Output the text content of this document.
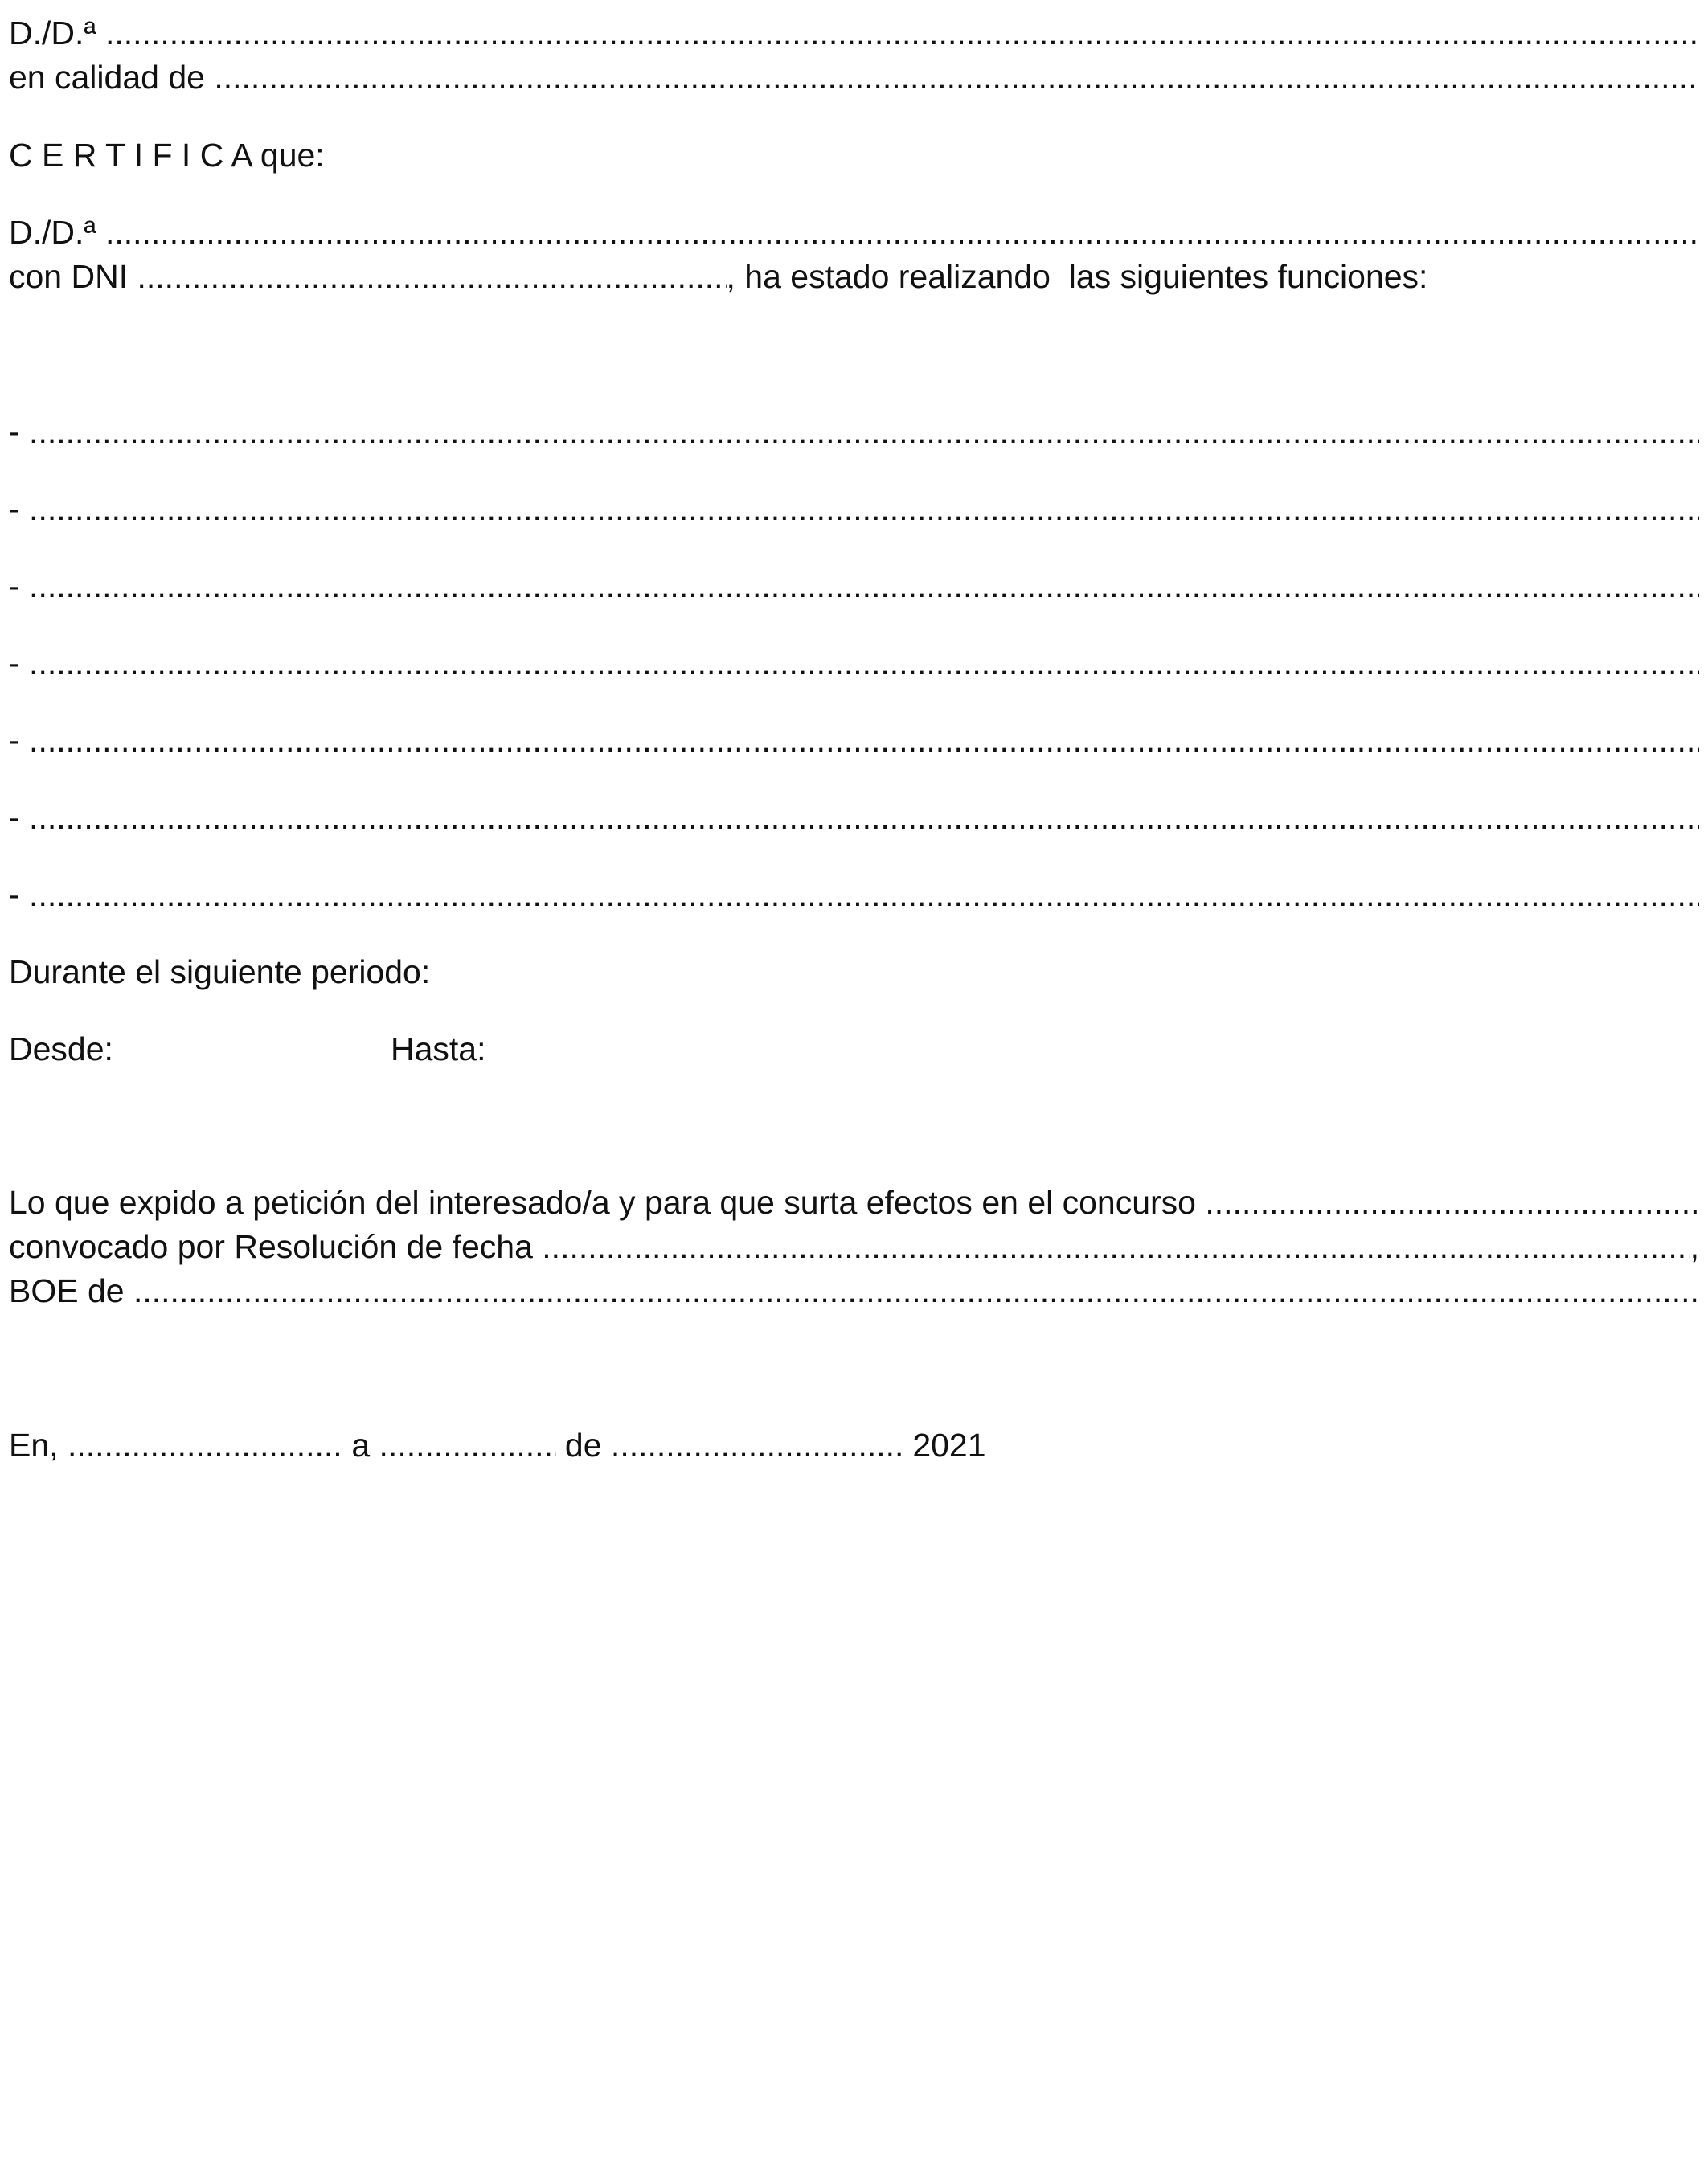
D./D.ª
.....
en calidad de
.....
C E R T I F I C A que:
D./D.ª
.....
con DNI .....	, ha estado realizando  las siguientes funciones:
-
.....
-
.....
-
.....
-
.....
-
.....
-
.....
-
.....
Durante el siguiente periodo:
Desde:	Hasta:
Lo que expido a petición del interesado/a y para que surta efectos en el concurso
.....
convocado por Resolución de fecha .....	,
BOE de
.....
En, .....	a .....	de .....	2021
